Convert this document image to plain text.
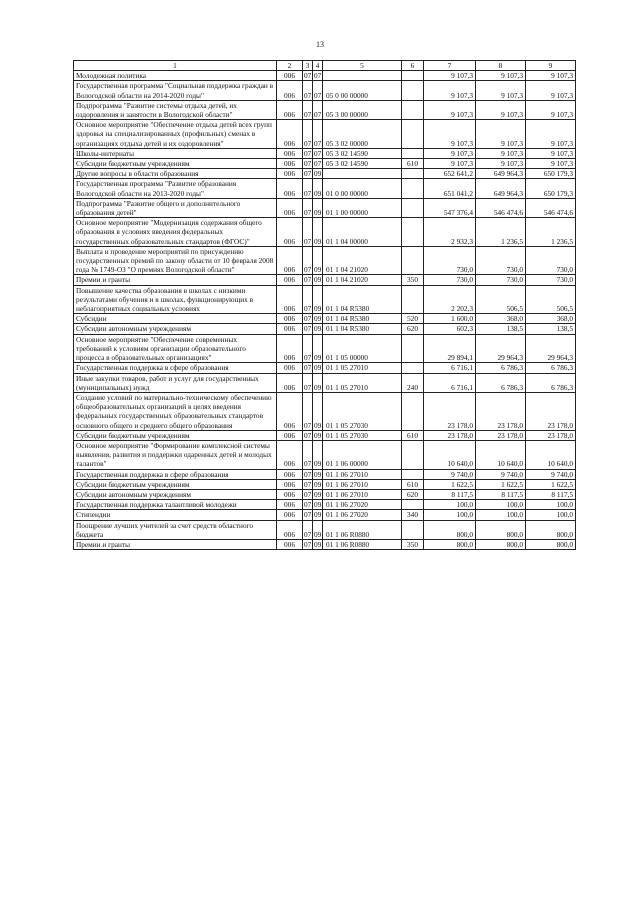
13
1	2	3	4	5	6	7	8	9
Молодежная политика	006	07	07			9 107,3	9 107,3	9 107,3
Государственная программа "Социальная поддержка граждан в Вологодской области на 2014-2020 годы"	006	07	07	05 0 00 00000		9 107,3	9 107,3	9 107,3
Подпрограмма "Развитие системы отдыха детей, их оздоровления и занятости в Вологодской области"	006	07	07	05 3 00 00000		9 107,3	9 107,3	9 107,3
Основное мероприятие "Обеспечение отдыха детей всех групп здоровья на специализированных (профильных) сменах в организациях отдыха детей и их оздоровления"	006	07	07	05 3 02 00000		9 107,3	9 107,3	9 107,3
Школы-интернаты	006	07	07	05 3 02 14590		9 107,3	9 107,3	9 107,3
Субсидии бюджетным учреждениям	006	07	07	05 3 02 14590	610	9 107,3	9 107,3	9 107,3
Другие вопросы в области образования	006	07	09			652 641,2	649 964,3	650 179,3
Государственная программа "Развитие образования Вологодской области на 2013-2020 годы"	006	07	09	01 0 00 00000		651 041,2	649 964,3	650 179,3
Подпрограмма "Развитие общего и дополнительного образования детей"	006	07	09	01 1 00 00000		547 376,4	546 474,6	546 474,6
Основное мероприятие "Модернизация содержания общего образования в условиях введения федеральных государственных образовательных стандартов (ФГОС)"	006	07	09	01 1 04 00000		2 932,3	1 236,5	1 236,5
Выплата и проведение мероприятий по присуждению государственных премий по закону области от 10 февраля 2008 года № 1749-ОЗ "О премиях Вологодской области"	006	07	09	01 1 04 21020		730,0	730,0	730,0
Премии и гранты	006	07	09	01 1 04 21020	350	730,0	730,0	730,0
Повышение качества образования в школах с низкими результатами обучения и в школах, функционирующих в неблагоприятных социальных условиях	006	07	09	01 1 04 R5380		2 202,3	506,5	506,5
Субсидии	006	07	09	01 1 04 R5380	520	1 600,0	368,0	368,0
Субсидии автономным учреждениям	006	07	09	01 1 04 R5380	620	602,3	138,5	138,5
Основное мероприятие "Обеспечение современных требований к условиям организации образовательного процесса в образовательных организациях"	006	07	09	01 1 05 00000		29 894,1	29 964,3	29 964,3
Государственная поддержка в сфере образования	006	07	09	01 1 05 27010		6 716,1	6 786,3	6 786,3
Иные закупки товаров, работ и услуг для государственных (муниципальных) нужд	006	07	09	01 1 05 27010	240	6 716,1	6 786,3	6 786,3
Создание условий по материально-техническому обеспечению общеобразовательных организаций в целях введения федеральных государственных образовательных стандартов основного общего и среднего общего образования	006	07	09	01 1 05 27030		23 178,0	23 178,0	23 178,0
Субсидии бюджетным учреждениям	006	07	09	01 1 05 27030	610	23 178,0	23 178,0	23 178,0
Основное мероприятие "Формирование комплексной системы выявления, развития и поддержки одаренных детей и молодых талантов"	006	07	09	01 1 06 00000		10 640,0	10 640,0	10 640,0
Государственная поддержка в сфере образования	006	07	09	01 1 06 27010		9 740,0	9 740,0	9 740,0
Субсидии бюджетным учреждениям	006	07	09	01 1 06 27010	610	1 622,5	1 622,5	1 622,5
Субсидии автономным учреждениям	006	07	09	01 1 06 27010	620	8 117,5	8 117,5	8 117,5
Государственная поддержка талантливой молодежи	006	07	09	01 1 06 27020		100,0	100,0	100,0
Стипендии	006	07	09	01 1 06 27020	340	100,0	100,0	100,0
Поощрение лучших учителей за счет средств областного бюджета	006	07	09	01 1 06 R0880		800,0	800,0	800,0
Премии и гранты	006	07	09	01 1 06 R0880	350	800,0	800,0	800,0
